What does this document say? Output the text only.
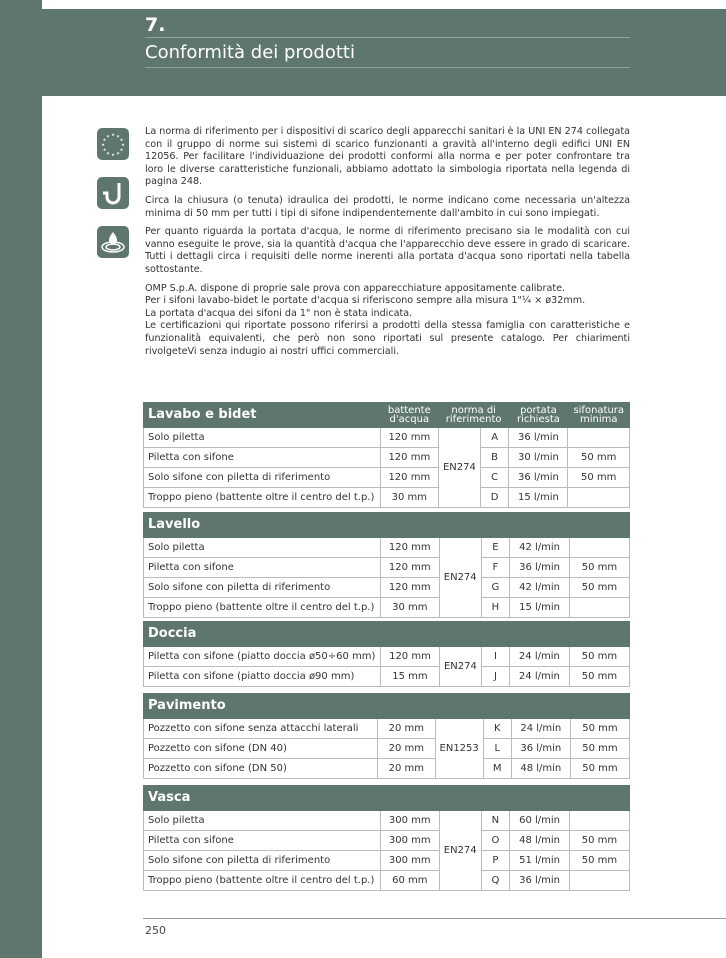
7.
Conformità dei prodotti
★ ★
★
★
★
★
★
★
★
★
★
★	La norma di riferimento per i dispositivi di scarico degli apparecchi sanitari è la UNI EN 274 collegata con il gruppo di norme sui sistemi di scarico funzionanti a gravità all'interno degli edifici UNI EN 12056. Per facilitare l'individuazione dei prodotti conformi alla norma e per poter confrontare tra loro le diverse caratteristiche funzionali, abbiamo adottato la simbologia riportata nella legenda di pagina 248.

Circa la chiusura (o tenuta) idraulica dei prodotti, le norme indicano come necessaria un'altezza minima di 50 mm per tutti i tipi di sifone indipendentemente dall'ambito in cui sono impiegati.

Per quanto riguarda la portata d'acqua, le norme di riferimento precisano sia le modalità con cui vanno eseguite le prove, sia la quantità d'acqua che l'apparecchio deve essere in grado di scaricare. Tutti i dettagli circa i requisiti delle norme inerenti alla portata d'acqua sono riportati nella tabella sottostante.

OMP S.p.A. dispone di proprie sale prova con apparecchiature appositamente calibrate.
Per i sifoni lavabo-bidet le portate d'acqua si riferiscono sempre alla misura 1"¼ × ø32mm.
La portata d'acqua dei sifoni da 1" non è stata indicata.
Le certificazioni qui riportate possono riferirsi a prodotti della stessa famiglia con caratteristiche e funzionalità equivalenti, che però non sono riportati sul presente catalogo. Per chiarimenti rivolgeteVi senza indugio ai nostri uffici commerciali.

Lavabo e bidet	battente d'acqua	norma di riferimento		portata richiesta	sifonatura minima
Solo piletta	120 mm	EN274	A	36 l/min	
Piletta con sifone	120 mm		B	30 l/min	50 mm
Solo sifone con piletta di riferimento	120 mm		C	36 l/min	50 mm
Troppo pieno (battente oltre il centro del t.p.)	30 mm		D	15 l/min	
Lavello					
Solo piletta	120 mm	EN274	E	42 l/min	
Piletta con sifone	120 mm		F	36 l/min	50 mm
Solo sifone con piletta di riferimento	120 mm		G	42 l/min	50 mm
Troppo pieno (battente oltre il centro del t.p.)	30 mm		H	15 l/min	
Doccia					
Piletta con sifone (piatto doccia ø50÷60 mm)	120 mm	EN274	I	24 l/min	50 mm
Piletta con sifone (piatto doccia ø90 mm)	15 mm		J	24 l/min	50 mm
Pavimento					
Pozzetto con sifone senza attacchi laterali	20 mm	EN1253	K	24 l/min	50 mm
Pozzetto con sifone (DN 40)	20 mm		L	36 l/min	50 mm
Pozzetto con sifone (DN 50)	20 mm		M	48 l/min	50 mm
Vasca					
Solo piletta	300 mm	EN274	N	60 l/min	
Piletta con sifone	300 mm		O	48 l/min	50 mm
Solo sifone con piletta di riferimento	300 mm		P	51 l/min	50 mm
Troppo pieno (battente oltre il centro del t.p.)	60 mm		Q	36 l/min	
250
